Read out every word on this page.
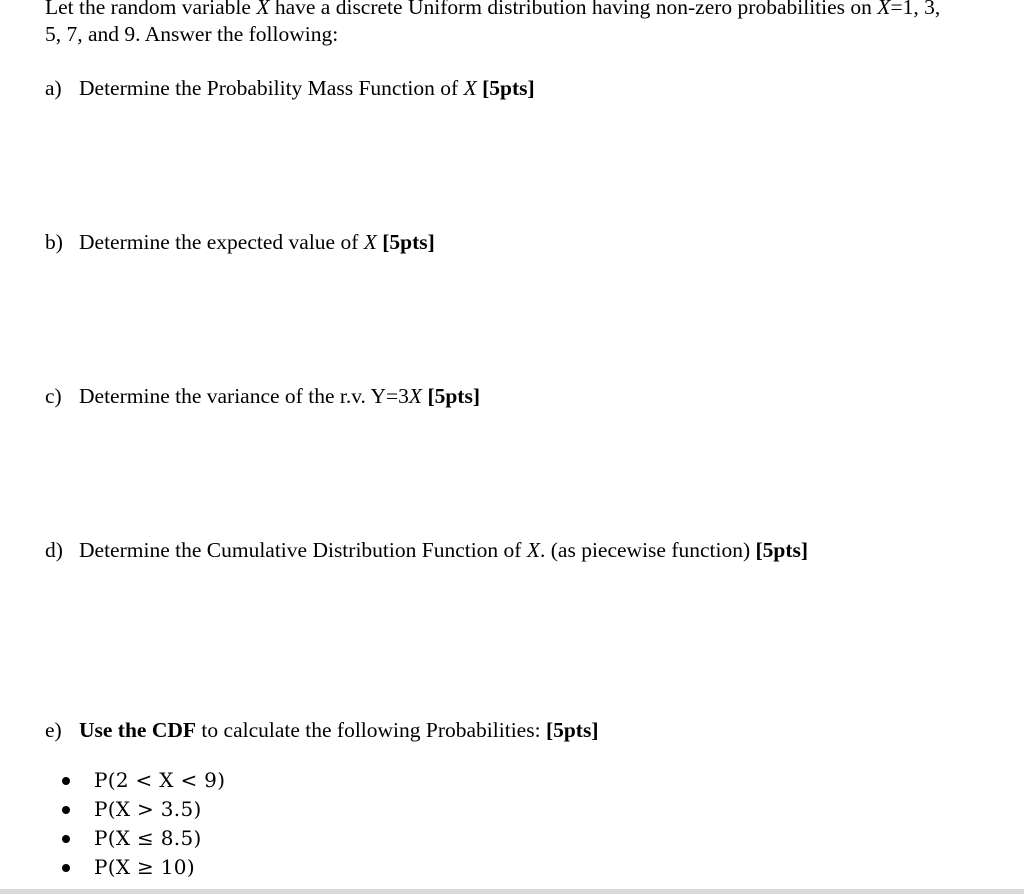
Let the random variable X have a discrete Uniform distribution having non-zero probabilities on X=1, 3,
5, 7, and 9. Answer the following:
a) Determine the Probability Mass Function of X [5pts]
b) Determine the expected value of X [5pts]
c) Determine the variance of the r.v. Y=3X [5pts]
d) Determine the Cumulative Distribution Function of X. (as piecewise function) [5pts]
e) Use the CDF to calculate the following Probabilities: [5pts]
P(2 < X < 9)
P(X > 3.5)
P(X ≤ 8.5)
P(X ≥ 10)
